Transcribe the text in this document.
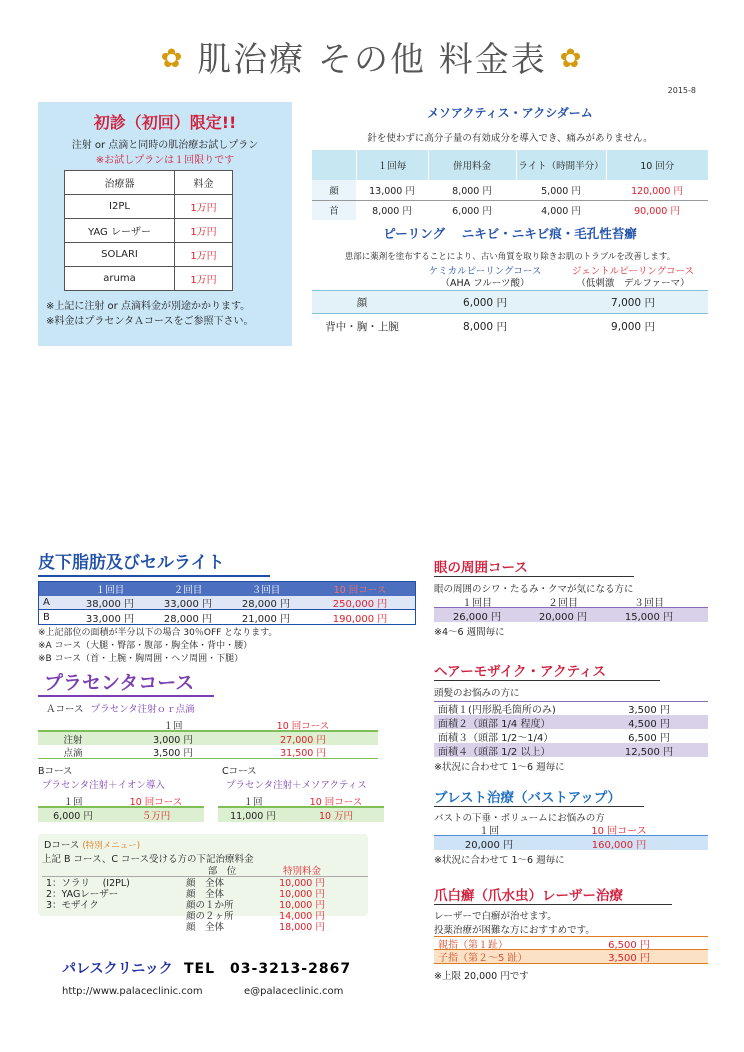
✿ 肌治療 その他 料金表 ✿
2015-8
初診（初回）限定!!
注射 or 点滴と同時の肌治療お試しプラン
※お試しプランは１回限りです
治療器	料金
I2PL	1万円
YAG レーザー	1万円
SOLARI	1万円
aruma	1万円
※上記に注射 or 点滴料金が別途かかります。
※料金はプラセンタＡコースをご参照下さい。
メソアクティス・アクシダーム
針を使わずに高分子量の有効成分を導入でき、痛みがありません。
	１回毎	併用料金	ライト（時間半分）	10 回分
顔	13,000 円	8,000 円	5,000 円	120,000 円
首	8,000 円	6,000 円	4,000 円	90,000 円
ピーリング　 ニキビ・ニキビ痕・毛孔性苔癬
患部に薬剤を塗布することにより、古い角質を取り除きお肌のトラブルを改善します。
ケミカルピーリングコース
（AHA フルーツ酸）
ジェントルピーリングコース
（低刺激　デルファーマ）
顔	6,000 円	7,000 円
背中・胸・上腕	8,000 円	9,000 円
皮下脂肪及びセルライト
１回目	２回目	３回目	10 回コース
A	38,000 円	33,000 円	28,000 円	250,000 円
B	33,000 円	28,000 円	21,000 円	190,000 円
※上記部位の面積が半分以下の場合 30％OFF となります。
※A コース（大腿・臀部・腹部・胸全体・背中・腰）
※B コース（首・上腕・胸周囲・ヘソ周囲・下腿）
プラセンタコース
Ａコース プラセンタ注射ｏｒ点滴
１回	10 回コース
注射	3,000 円	27,000 円
点滴	3,500 円	31,500 円
Bコース
プラセンタ注射＋イオン導入
１回	10 回コース
6,000 円	５万円
Cコース
プラセンタ注射＋メソアクティス
１回	10 回コース
11,000 円	10 万円
Dコース (特別メニュー)
上記 B コース、C コース受ける方の下記治療料金
部　位	特別料金
1：ソラリ　 (I2PL)	顔　全体	10,000 円
2：YAGレーザー	顔　全体	10,000 円
3：モザイク	顔の１か所	10,000 円
顔の２ヶ所	14,000 円
顔　全体	18,000 円
パレスクリニック TEL　03-3213-2867
http://www.palaceclinic.com	e@palaceclinic.com
眼の周囲コース
眼の周囲のシワ・たるみ・クマが気になる方に
１回目	２回目	３回目
26,000 円	20,000 円	15,000 円
※4～6 週間毎に
ヘアーモザイク・アクティス
頭髪のお悩みの方に
面積１(円形脱毛箇所のみ)	3,500 円
面積２（頭部 1/4 程度）	4,500 円
面積３（頭部 1/2～1/4）	6,500 円
面積４（頭部 1/2 以上）	12,500 円
※状況に合わせて 1～6 週毎に
ブレスト治療（バストアップ）
バストの下垂・ボリュームにお悩みの方
１回	10 回コース
20,000 円	160,000 円
※状況に合わせて 1～6 週毎に
爪白癬（爪水虫）レーザー治療
レーザーで白癬が治せます。
投薬治療が困難な方におすすめです。
親指（第１趾）	6,500 円
子指（第２～5 趾）	3,500 円
※上限 20,000 円です
